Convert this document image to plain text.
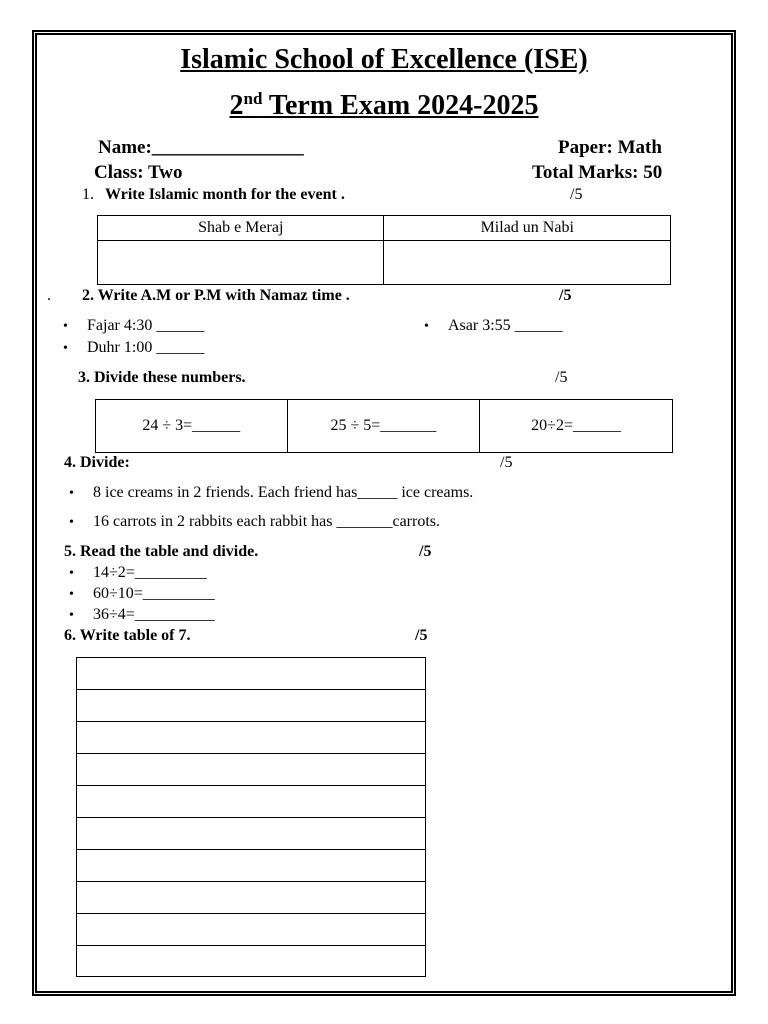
Islamic School of Excellence (ISE)
2nd Term Exam 2024-2025
Name:________________	Paper: Math
Class: Two	Total Marks: 50
1. Write Islamic month for the event .	/5
Shab e Meraj	Milad un Nabi

. 2. Write A.M or P.M with Namaz time .	/5
• Fajar 4:30 ______
• Duhr 1:00 ______
• Asar 3:55 ______
3. Divide these numbers.	/5
24 ÷ 3=______	25 ÷ 5=_______	20÷2=______
4. Divide:	/5
• 8 ice creams in 2 friends. Each friend has_____ ice creams.
• 16 carrots in 2 rabbits each rabbit has _______carrots.
5. Read the table and divide.	/5
• 14÷2=_________
• 60÷10=_________
• 36÷4=__________
6. Write table of 7.	/5
